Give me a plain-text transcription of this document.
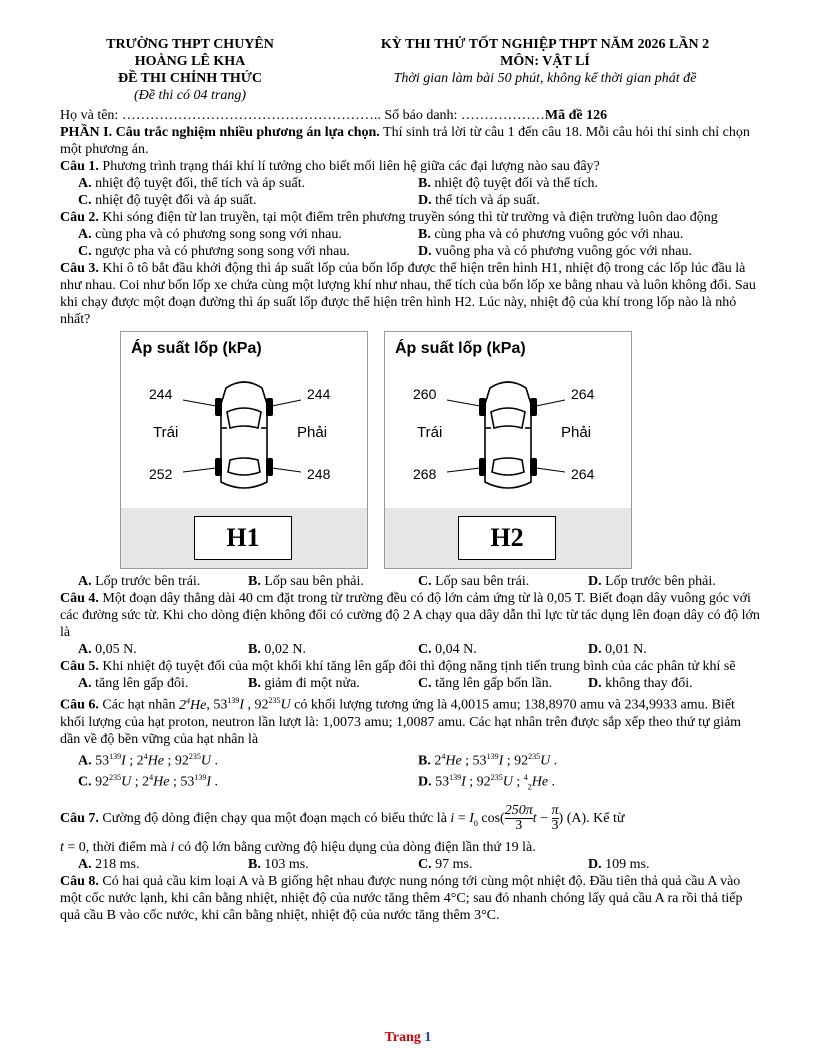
TRƯỜNG THPT CHUYÊN
HOÀNG LÊ KHA
ĐỀ THI CHÍNH THỨC
(Đề thi có 04 trang)
KỲ THI THỬ TỐT NGHIỆP THPT NĂM 2026 LẦN 2
MÔN: VẬT LÍ
Thời gian làm bài 50 phút, không kể thời gian phát đề

Họ và tên: ……………………………………………….. Số báo danh: ………………Mã đề 126

PHẦN I. Câu trắc nghiệm nhiều phương án lựa chọn. Thí sinh trả lời từ câu 1 đến câu 18. Mỗi câu hỏi thí sinh chỉ chọn một phương án.

Câu 1. Phương trình trạng thái khí lí tưởng cho biết mối liên hệ giữa các đại lượng nào sau đây?

A. nhiệt độ tuyệt đối, thể tích và áp suất.	B. nhiệt độ tuyệt đối và thể tích.
C. nhiệt độ tuyệt đối và áp suất.	D. thể tích và áp suất.

Câu 2. Khi sóng điện từ lan truyền, tại một điểm trên phương truyền sóng thì từ trường và điện trường luôn dao động

A. cùng pha và có phương song song với nhau.	B. cùng pha và có phương vuông góc với nhau.
C. ngược pha và có phương song song với nhau.	D. vuông pha và có phương vuông góc với nhau.

Câu 3. Khi ô tô bắt đầu khởi động thì áp suất lốp của bốn lốp được thể hiện trên hình H1, nhiệt độ trong các lốp lúc đầu là như nhau. Coi như bốn lốp xe chứa cùng một lượng khí như nhau, thể tích của bốn lốp xe bằng nhau và luôn không đổi. Sau khi chạy được một đoạn đường thì áp suất lốp được thể hiện trên hình H2. Lúc này, nhiệt độ của khí trong lốp nào là nhỏ nhất?

Áp suất lốp (kPa)
244	244
Trái	Phải
252	248
H1
Áp suất lốp (kPa)
260	264
Trái	Phải
268	264
H2
A. Lốp trước bên trái.	B. Lốp sau bên phải.	C. Lốp sau bên trái.	D. Lốp trước bên phải.

Câu 4. Một đoạn dây thẳng dài 40 cm đặt trong từ trường đều có độ lớn cảm ứng từ là 0,05 T. Biết đoạn dây vuông góc với các đường sức từ. Khi cho dòng điện không đổi có cường độ 2 A chạy qua dây dẫn thì lực từ tác dụng lên đoạn dây có độ lớn là

A. 0,05 N.	B. 0,02 N.	C. 0,04 N.	D. 0,01 N.

Câu 5. Khi nhiệt độ tuyệt đối của một khối khí tăng lên gấp đôi thì động năng tịnh tiến trung bình của các phân tử khí sẽ

A. tăng lên gấp đôi.	B. giảm đi một nửa.	C. tăng lên gấp bốn lần.	D. không thay đổi.

Câu 6. Các hạt nhân $2^4He$, $53^{139}I$ , $92^{235}U$ có khối lượng tương ứng là 4,0015 amu; 138,8970 amu và 234,9933 amu. Biết khối lượng của hạt proton, neutron lần lượt là: 1,0073 amu; 1,0087 amu. Các hạt nhân trên được sắp xếp theo thứ tự giảm dần về độ bền vững của hạt nhân là

A. $53^{139}I$ ; $2^4He$ ; $92^{235}U$ .	B. $2^4He$ ; $53^{139}I$ ; $92^{235}U$ .
C. $92^{235}U$ ; $2^4He$ ; $53^{139}I$ .	D. $53^{139}I$ ; $92^{235}U$ ; $^4_2$He .

Câu 7. Cường độ dòng điện chạy qua một đoạn mạch có biểu thức là $i = I_0$ $\cos( \frac{250\pi}{3}$ $t - \frac{\pi}{3}$ ) (A). Kể từ

t = 0, thời điểm mà i có độ lớn bằng cường độ hiệu dụng của dòng điện lần thứ 19 là.

A. 218 ms.	B. 103 ms.	C. 97 ms.	D. 109 ms.

Câu 8. Có hai quả cầu kim loại A và B giống hệt nhau được nung nóng tới cùng một nhiệt độ. Đầu tiên thả quả cầu A vào một cốc nước lạnh, khi cân bằng nhiệt, nhiệt độ của nước tăng thêm 4°C; sau đó nhanh chóng lấy quả cầu A ra rồi thả tiếp quả cầu B vào cốc nước, khi cân bằng nhiệt, nhiệt độ của nước tăng thêm 3°C.

Trang 1
